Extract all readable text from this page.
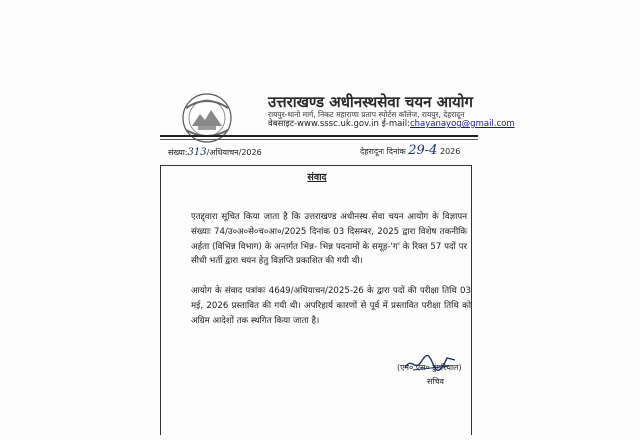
उत्तराखण्ड अधीनस्थसेवा चयन आयोग
रायपुर-थानो मार्ग, निकट महाराणा प्रताप स्पोर्टस कॉलेज, रायपुर, देहरादून
वेबसाइट-www.sssc.uk.gov.in ई-mail:chayanayog@gmail.com
संख्या:313/अधियाचन/2026	देहरादूनः दिनांक 29-4 2026
संवाद
एतद्द्वारा सूचित किया जाता है कि उत्तराखण्ड अधीनस्थ सेवा चयन आयोग के विज्ञापन संख्याः 74/उ०अ०से०च०आ०/2025 दिनांक 03 दिसम्बर, 2025 द्वारा विशेष तकनीकि अर्हता (विभिन्न विभाग) के अन्तर्गत भिन्न- भिन्न पदनामों के समूह-'ग' के रिक्त 57 पदों पर सीधी भर्ती द्वारा चयन हेतु विज्ञप्ति प्रकाशित की गयी थी।
आयोग के संवाद पत्रांकः 4649/अधियाचन/2025-26 के द्वारा पदों की परीक्षा तिथि 03 मई, 2026 प्रस्तावित की गयी थी। अपरिहार्य कारणों से पूर्व में प्रस्तावित परीक्षा तिथि को अग्रिम आदेशों तक स्थगित किया जाता है।
(एन० एस० डुंगरियाल)
सचिव
